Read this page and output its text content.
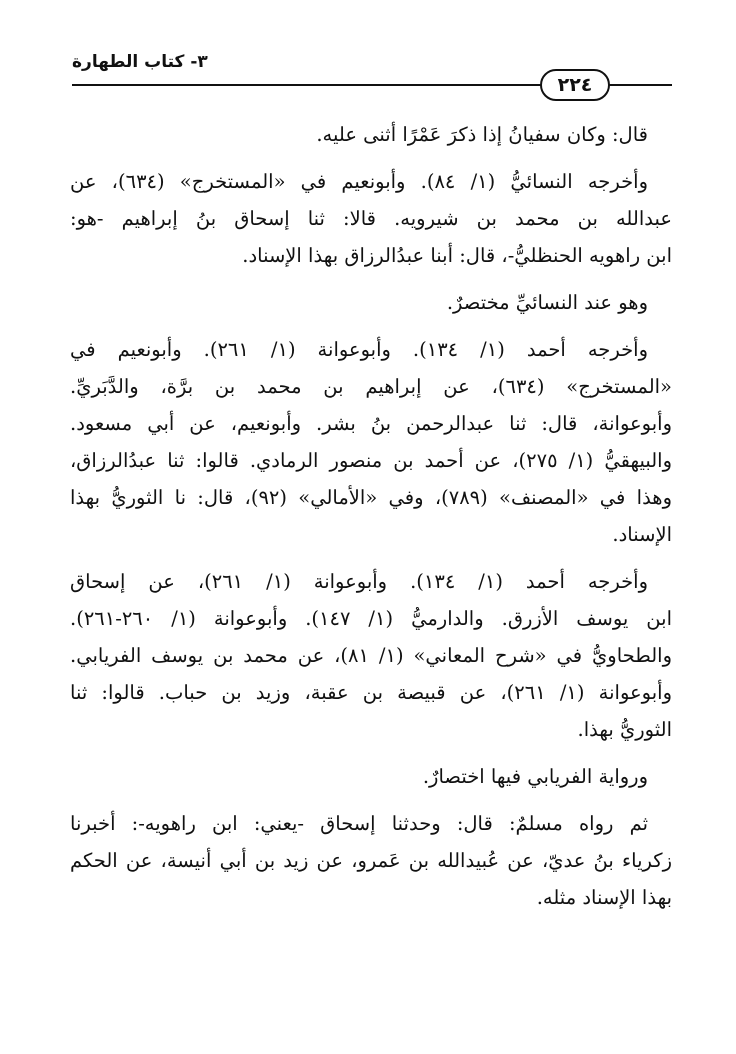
٣- كتاب الطهارة
٢٢٤
قال: وكان سفيانُ إذا ذكرَ عَمْرًا أثنى عليه.
وأخرجه النسائيُّ (١/ ٨٤). وأبونعيم في «المستخرج» (٦٣٤)، عن
عبدالله بن محمد بن شيرويه. قالا: ثنا إسحاق بنُ إبراهيم -هو:
ابن راهويه الحنظليُّ-، قال: أبنا عبدُالرزاق بهذا الإسناد.
وهو عند النسائيِّ مختصرٌ.
وأخرجه أحمد (١/ ١٣٤). وأبوعوانة (١/ ٢٦١). وأبونعيم في
«المستخرج» (٦٣٤)، عن إبراهيم بن محمد بن برَّة، والدَّبَريِّ.
وأبوعوانة، قال: ثنا عبدالرحمن بنُ بشر. وأبونعيم، عن أبي مسعود.
والبيهقيُّ (١/ ٢٧٥)، عن أحمد بن منصور الرمادي. قالوا: ثنا عبدُالرزاق،
وهذا في «المصنف» (٧٨٩)، وفي «الأمالي» (٩٢)، قال: نا الثوريُّ بهذا
الإسناد.
وأخرجه أحمد (١/ ١٣٤). وأبوعوانة (١/ ٢٦١)، عن إسحاق
ابن يوسف الأزرق. والدارميُّ (١/ ١٤٧). وأبوعوانة (١/ ٢٦٠-٢٦١).
والطحاويُّ في «شرح المعاني» (١/ ٨١)، عن محمد بن يوسف الفريابي.
وأبوعوانة (١/ ٢٦١)، عن قبيصة بن عقبة، وزيد بن حباب. قالوا: ثنا
الثوريُّ بهذا.
ورواية الفريابي فيها اختصارٌ.
ثم رواه مسلمٌ: قال: وحدثنا إسحاق -يعني: ابن راهويه-: أخبرنا
زكرياء بنُ عديّ، عن عُبيدالله بن عَمرو، عن زيد بن أبي أنيسة، عن الحكم
بهذا الإسناد مثله.
